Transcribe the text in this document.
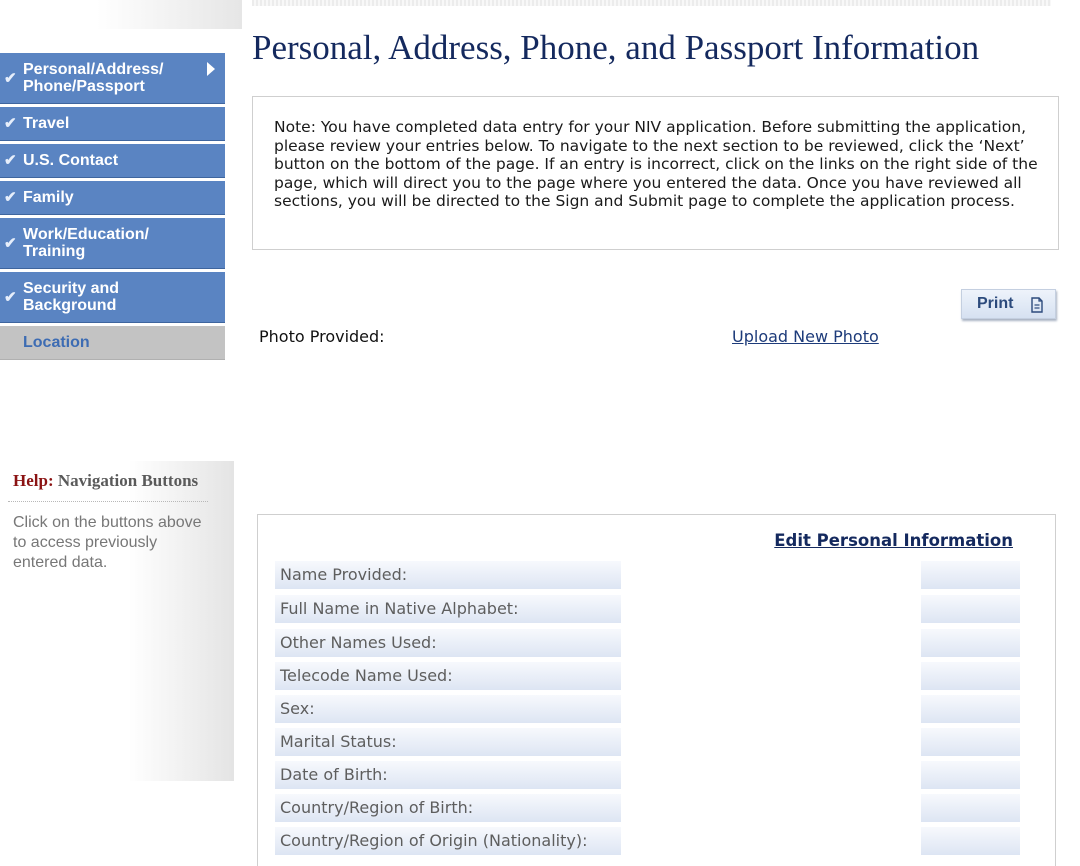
✔ Personal/Address/ Phone/Passport
✔ Travel
✔ U.S. Contact
✔ Family
✔ Work/Education/ Training
✔ Security and Background
Location
Help: Navigation Buttons
Click on the buttons above to access previously entered data.
Personal, Address, Phone, and Passport Information
Note: You have completed data entry for your NIV application. Before submitting the application, please review your entries below. To navigate to the next section to be reviewed, click the ‘Next’ button on the bottom of the page. If an entry is incorrect, click on the links on the right side of the page, which will direct you to the page where you entered the data. Once you have reviewed all sections, you will be directed to the Sign and Submit page to complete the application process.
Print
Photo Provided:	Upload New Photo
Edit Personal Information
Name Provided:
Full Name in Native Alphabet:
Other Names Used:
Telecode Name Used:
Sex:
Marital Status:
Date of Birth:
Country/Region of Birth:
Country/Region of Origin (Nationality):
